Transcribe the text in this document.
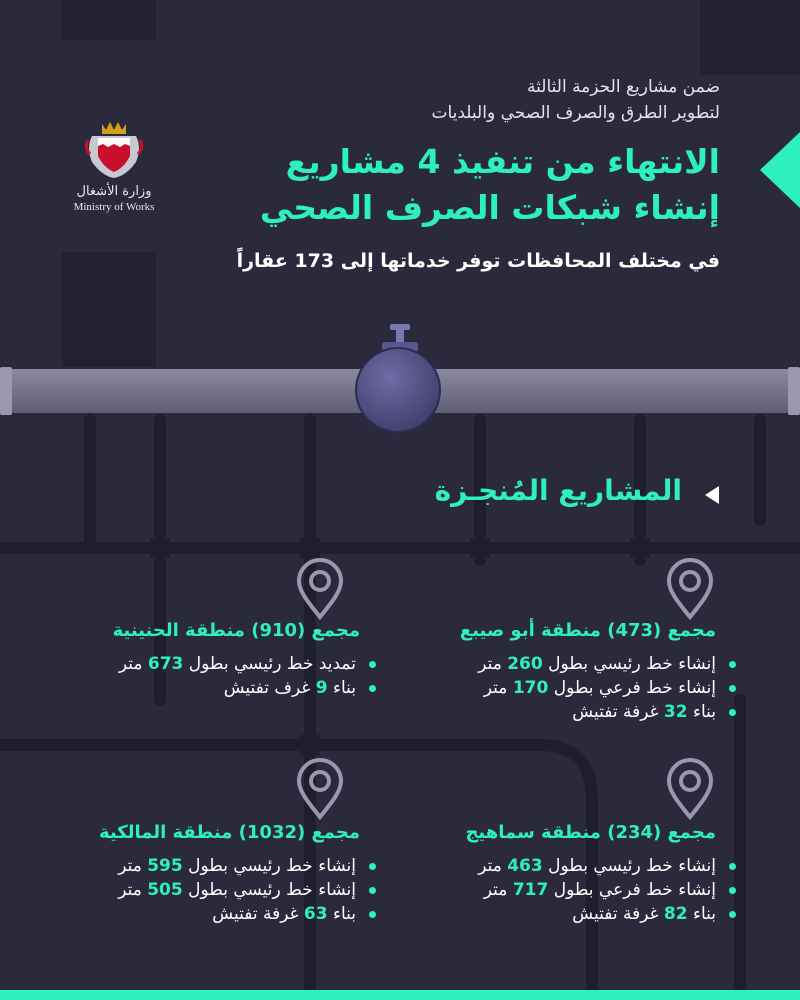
وزارة الأشغال
Ministry of Works
ضمن مشاريع الحزمة الثالثة
لتطوير الطرق والصرف الصحي والبلديات
الانتهاء من تنفيذ 4 مشاريع
إنشاء شبكات الصرف الصحي
في مختلف المحافظات توفر خدماتها إلى 173 عقاراً
المشاريع المُنجـزة
مجمع (473) منطقة أبو صيبع
إنشاء خط رئيسي بطول 260 متر
إنشاء خط فرعي بطول 170 متر
بناء 32 غرفة تفتيش
مجمع (910) منطقة الحنينية
تمديد خط رئيسي بطول 673 متر
بناء 9 غرف تفتيش
مجمع (234) منطقة سماهيج
إنشاء خط رئيسي بطول 463 متر
إنشاء خط فرعي بطول 717 متر
بناء 82 غرفة تفتيش
مجمع (1032) منطقة المالكية
إنشاء خط رئيسي بطول 595 متر
إنشاء خط رئيسي بطول 505 متر
بناء 63 غرفة تفتيش
